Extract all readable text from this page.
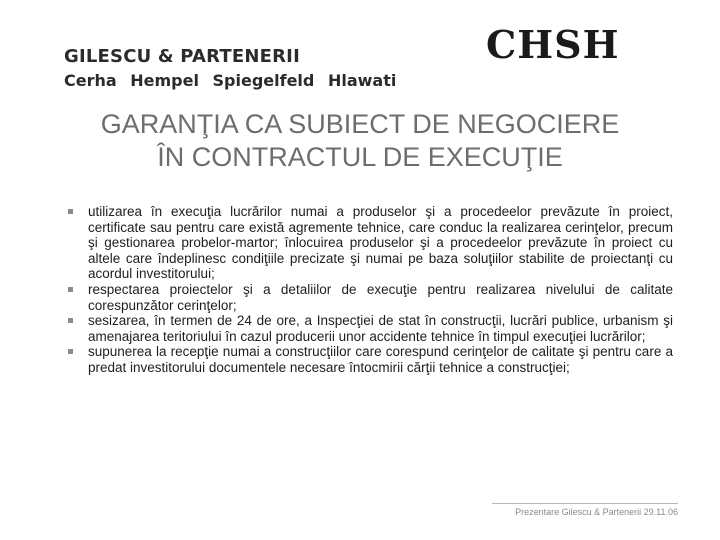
GILESCU & PARTENERII
Cerha Hempel Spiegelfeld Hlawati
CHSH
GARANŢIA CA SUBIECT DE NEGOCIERE
ÎN CONTRACTUL DE EXECUŢIE
utilizarea în execuţia lucrărilor numai a produselor şi a procedeelor prevăzute în proiect, certificate sau pentru care există agremente tehnice, care conduc la realizarea cerinţelor, precum şi gestionarea probelor-martor; înlocuirea produselor şi a procedeelor prevăzute în proiect cu altele care îndeplinesc condiţiile precizate şi numai pe baza soluţiilor stabilite de proiectanţi cu acordul investitorului;
respectarea proiectelor şi a detaliilor de execuţie pentru realizarea nivelului de calitate corespunzător cerinţelor;
sesizarea, în termen de 24 de ore, a Inspecţiei de stat în construcţii, lucrări publice, urbanism şi amenajarea teritoriului în cazul producerii unor accidente tehnice în timpul execuţiei lucrărilor;
supunerea la recepţie numai a construcţiilor care corespund cerinţelor de calitate şi pentru care a predat investitorului documentele necesare întocmirii cărţii tehnice a construcţiei;
Prezentare Gilescu & Partenerii 29.11.06
